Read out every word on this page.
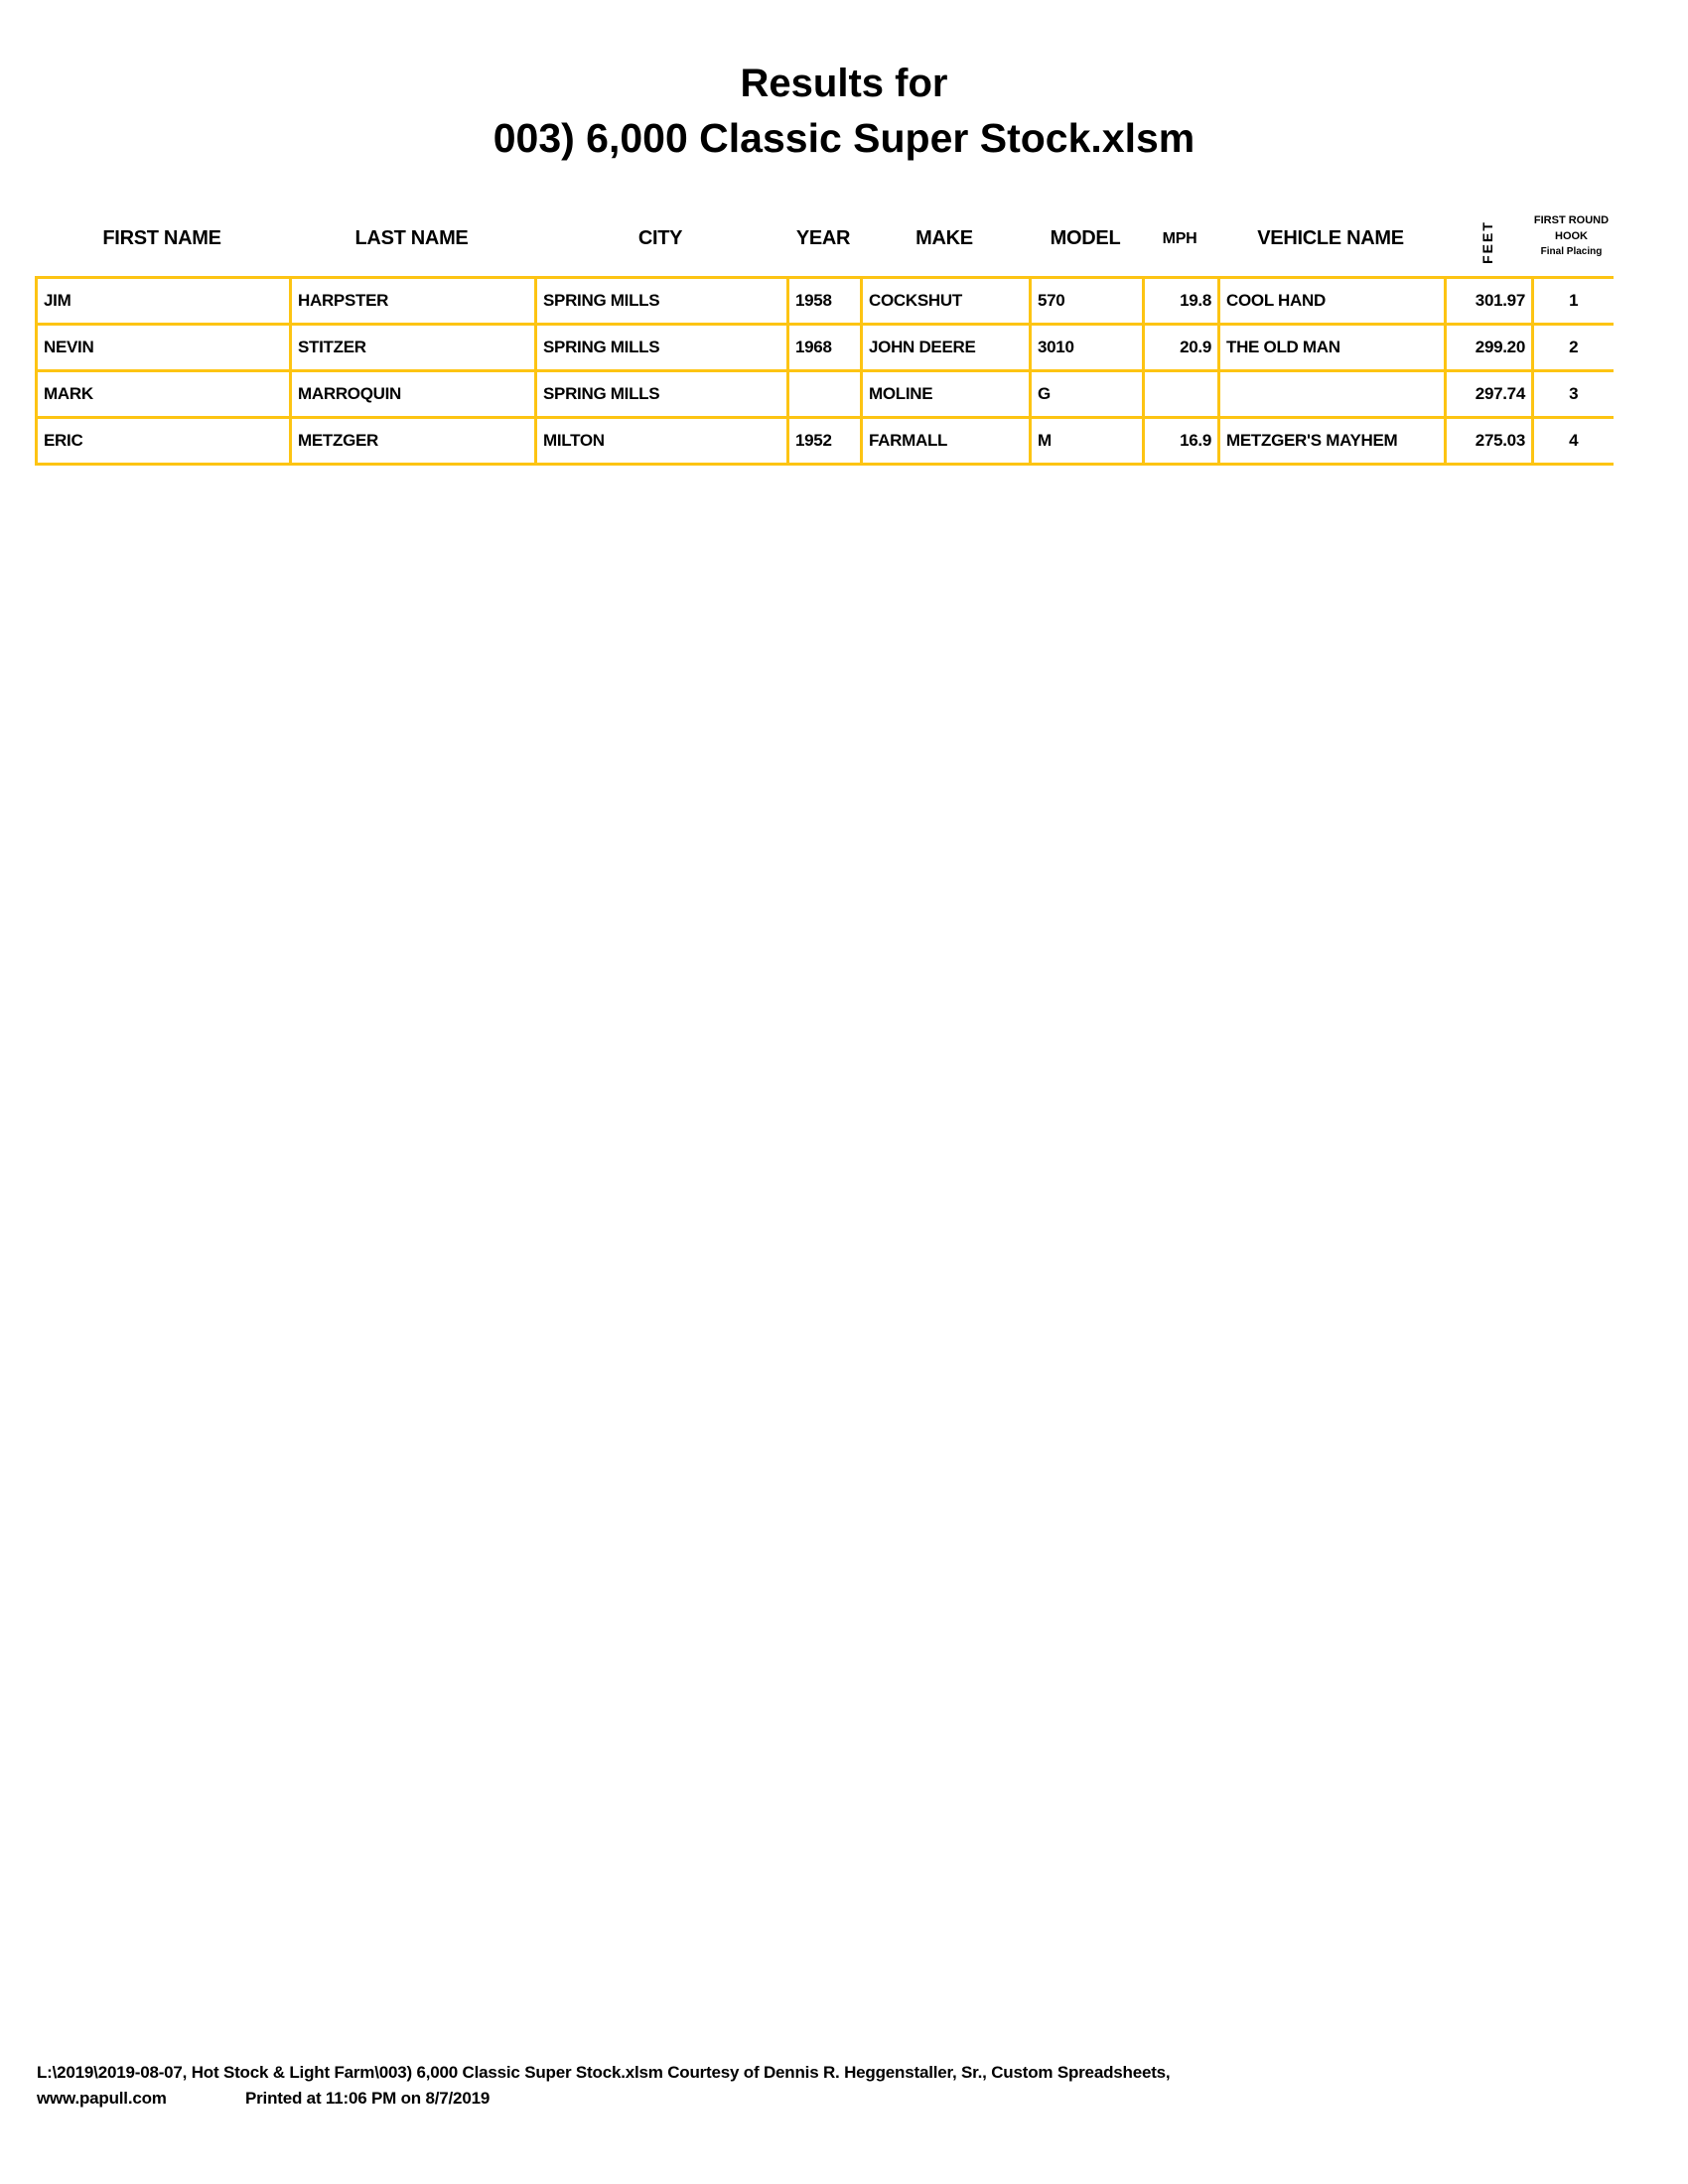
Results for
003) 6,000 Classic Super Stock.xlsm
FIRST NAME	LAST NAME	CITY	YEAR	MAKE	MODEL	MPH	VEHICLE NAME	FEET
FIRST ROUND
HOOK
Final Placing
JIM	HARPSTER	SPRING MILLS	1958	COCKSHUT	570	19.8	COOL HAND	301.97	1
NEVIN	STITZER	SPRING MILLS	1968	JOHN DEERE	3010	20.9	THE OLD MAN	299.20	2
MARK	MARROQUIN	SPRING MILLS		MOLINE	G			297.74	3
ERIC	METZGER	MILTON	1952	FARMALL	M	16.9	METZGER'S MAYHEM	275.03	4
L:\2019\2019-08-07, Hot Stock & Light Farm\003) 6,000 Classic Super Stock.xlsm Courtesy of Dennis R. Heggenstaller, Sr., Custom Spreadsheets,
www.papull.com	Printed at 11:06 PM on 8/7/2019
